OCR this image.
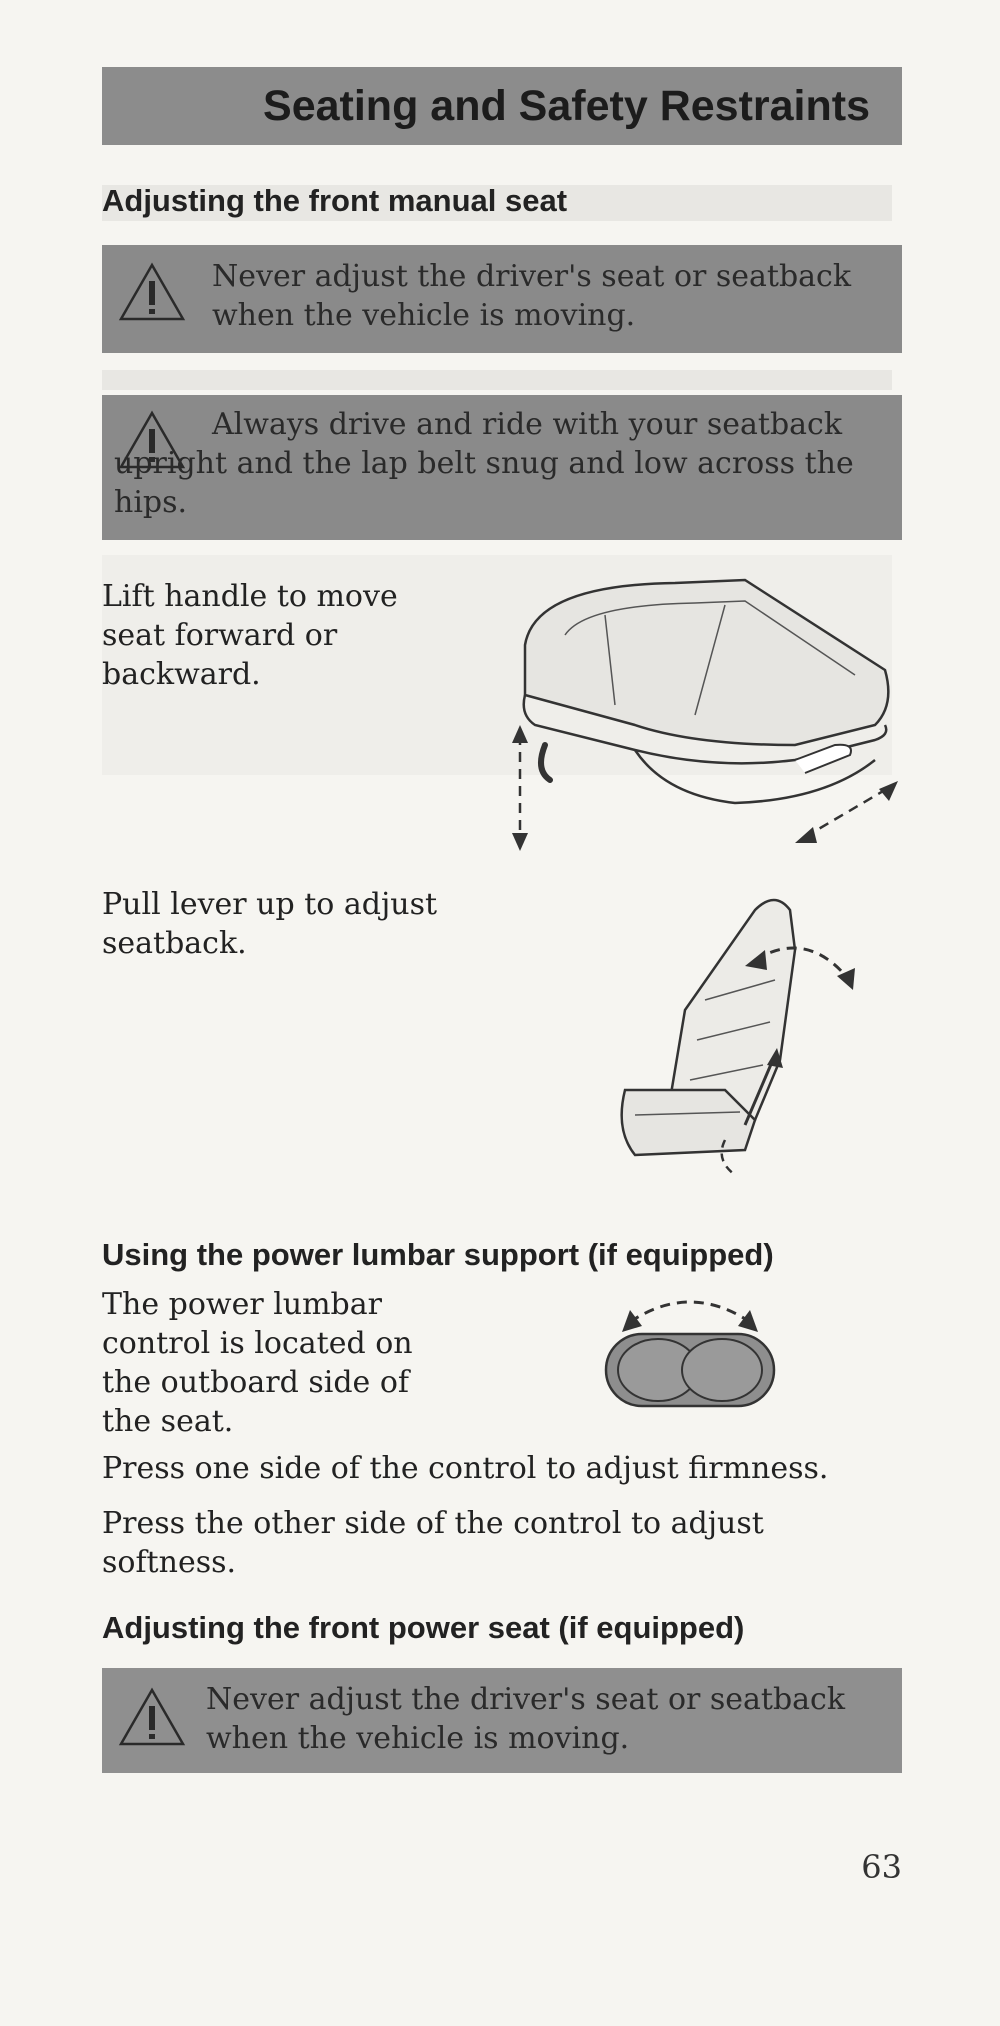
Seating and Safety Restraints
Adjusting the front manual seat
Never adjust the driver's seat or seatback when the vehicle is moving.
Always drive and ride with your seatback upright and the lap belt snug and low across the hips.
Lift handle to move seat forward or backward.
Pull lever up to adjust seatback.
Using the power lumbar support (if equipped)
The power lumbar control is located on the outboard side of the seat.
Press one side of the control to adjust firmness.
Press the other side of the control to adjust softness.
Adjusting the front power seat (if equipped)
Never adjust the driver's seat or seatback when the vehicle is moving.
63
